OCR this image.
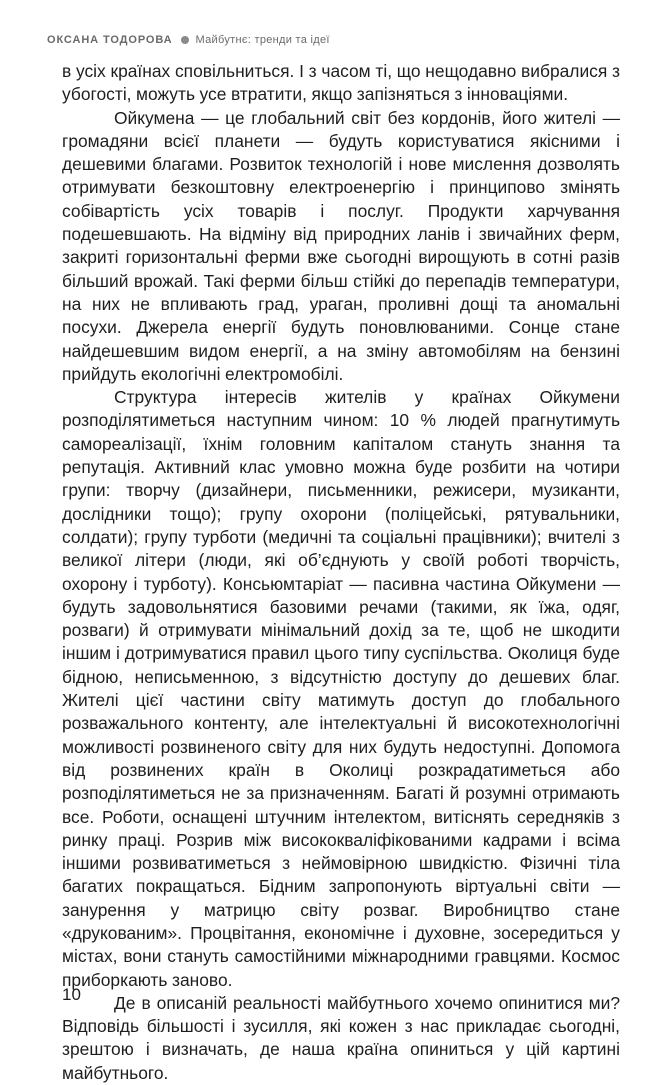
ОКСАНА ТОДОРОВА Майбутнє: тренди та ідеї

в усіх країнах сповільниться. І з часом ті, що нещодавно вибралися з убогості, можуть усе втратити, якщо запізняться з інноваціями.

Ойкумена — це глобальний світ без кордонів, його жителі — громадяни всієї планети — будуть користуватися якісними і дешевими благами. Розвиток технологій і нове мислення дозволять отримувати безкоштовну електроенергію і принципово змінять собівартість усіх товарів і послуг. Продукти харчування подешевшають. На відміну від природних ланів і звичайних ферм, закриті горизонтальні ферми вже сьогодні вирощують в сотні разів більший врожай. Такі ферми більш стійкі до перепадів температури, на них не впливають град, ураган, проливні дощі та аномальні посухи. Джерела енергії будуть поновлюваними. Сонце стане найдешевшим видом енергії, а на зміну автомобілям на бензині прийдуть екологічні електромобілі.

Структура інтересів жителів у країнах Ойкумени розподілятиметься наступним чином: 10 % людей прагнутимуть самореалізації, їхнім головним капіталом стануть знання та репутація. Активний клас умовно можна буде розбити на чотири групи: творчу (дизайнери, письменники, режисери, музиканти, дослідники тощо); групу охорони (поліцейські, рятувальники, солдати); групу турботи (медичні та соціальні працівники); вчителі з великої літери (люди, які об’єднують у своїй роботі творчість, охорону і турботу). Консьюмтаріат — пасивна частина Ойкумени — будуть задовольнятися базовими речами (такими, як їжа, одяг, розваги) й отримувати мінімальний дохід за те, щоб не шкодити іншим і дотримуватися правил цього типу суспільства. Околиця буде бідною, неписьменною, з відсутністю доступу до дешевих благ. Жителі цієї частини світу матимуть доступ до глобального розважального контенту, але інтелектуальні й високотехнологічні можливості розвиненого світу для них будуть недоступні. Допомога від розвинених країн в Околиці розкрадатиметься або розподілятиметься не за призначенням. Багаті й розумні отримають все. Роботи, оснащені штучним інтелектом, витіснять середняків з ринку праці. Розрив між висококваліфікованими кадрами і всіма іншими розвиватиметься з неймовірною швидкістю. Фізичні тіла багатих покращаться. Бідним запропонують віртуальні світи — занурення у матрицю світу розваг. Виробництво стане «друкованим». Процвітання, економічне і духовне, зосередиться у містах, вони стануть самостійними міжнародними гравцями. Космос приборкають заново.

Де в описаній реальності майбутнього хочемо опинитися ми? Відповідь більшості і зусилля, які кожен з нас прикладає сьогодні, зрештою і визначать, де наша країна опиниться у цій картині майбутнього.

10
